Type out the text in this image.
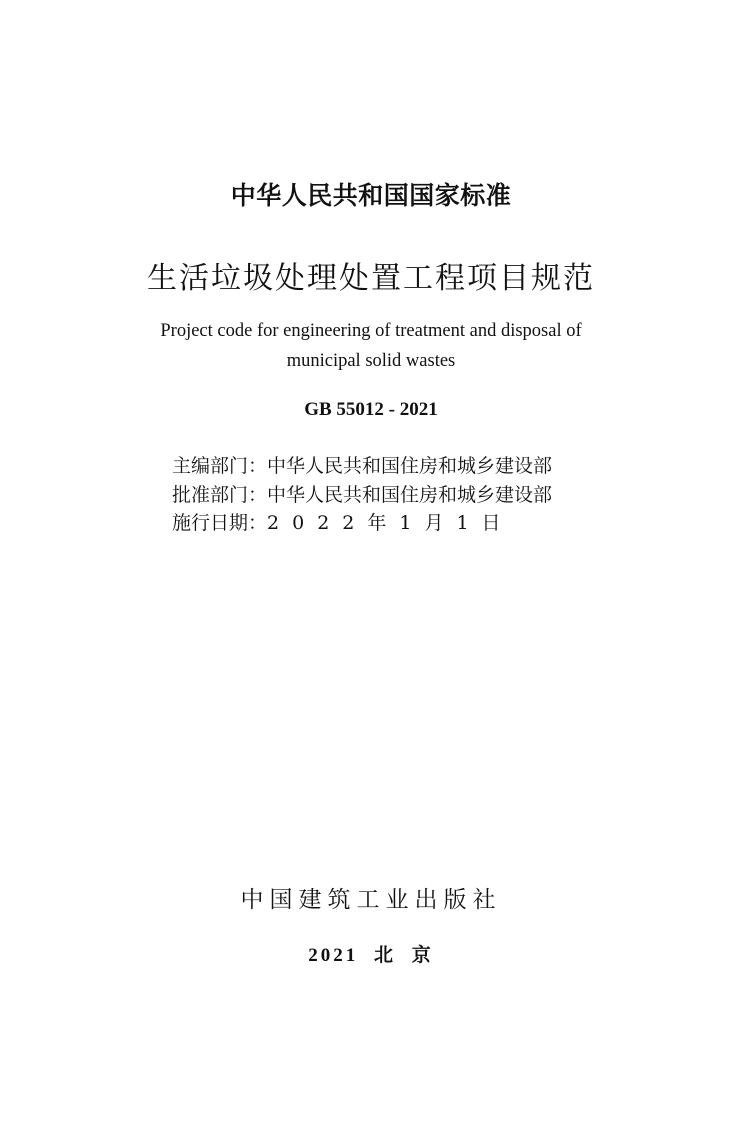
中华人民共和国国家标准
生活垃圾处理处置工程项目规范
Project code for engineering of treatment and disposal of
municipal solid wastes
GB 55012 - 2021
主编部门：中华人民共和国住房和城乡建设部
批准部门：中华人民共和国住房和城乡建设部
施行日期：2022年1月1日
中国建筑工业出版社
2021 北 京
